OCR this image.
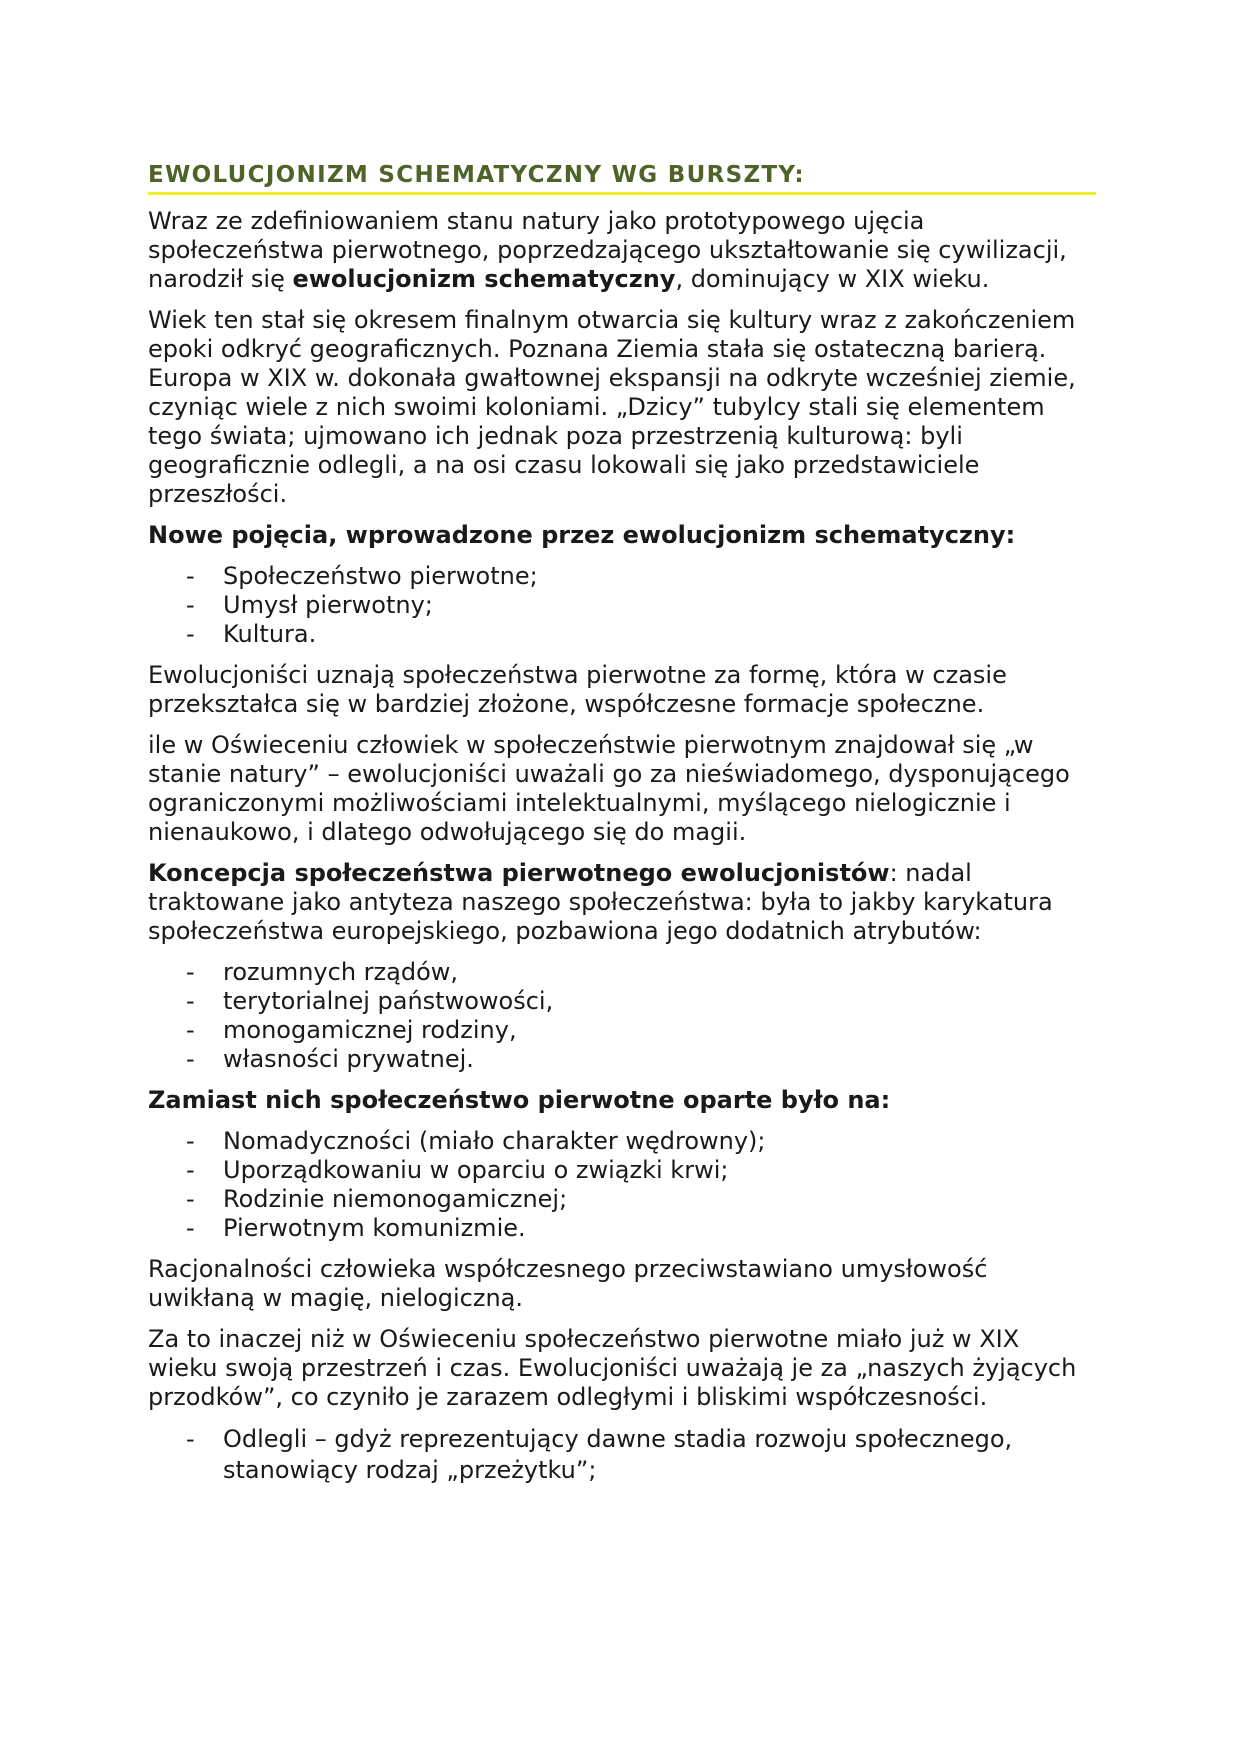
EWOLUCJONIZM SCHEMATYCZNY WG BURSZTY:

Wraz ze zdefiniowaniem stanu natury jako prototypowego ujęcia społeczeństwa pierwotnego, poprzedzającego ukształtowanie się cywilizacji, narodził się ewolucjonizm schematyczny, dominujący w XIX wieku.

Wiek ten stał się okresem finalnym otwarcia się kultury wraz z zakończeniem epoki odkryć geograficznych. Poznana Ziemia stała się ostateczną barierą. Europa w XIX w. dokonała gwałtownej ekspansji na odkryte wcześniej ziemie, czyniąc wiele z nich swoimi koloniami. „Dzicy” tubylcy stali się elementem tego świata; ujmowano ich jednak poza przestrzenią kulturową: byli geograficznie odlegli, a na osi czasu lokowali się jako przedstawiciele przeszłości.

Nowe pojęcia, wprowadzone przez ewolucjonizm schematyczny:
- Społeczeństwo pierwotne;
- Umysł pierwotny;
- Kultura.

Ewolucjoniści uznają społeczeństwa pierwotne za formę, która w czasie przekształca się w bardziej złożone, współczesne formacje społeczne.

ile w Oświeceniu człowiek w społeczeństwie pierwotnym znajdował się „w stanie natury” – ewolucjoniści uważali go za nieświadomego, dysponującego ograniczonymi możliwościami intelektualnymi, myślącego nielogicznie i nienaukowo, i dlatego odwołującego się do magii.

Koncepcja społeczeństwa pierwotnego ewolucjonistów: nadal traktowane jako antyteza naszego społeczeństwa: była to jakby karykatura społeczeństwa europejskiego, pozbawiona jego dodatnich atrybutów:

- rozumnych rządów,
- terytorialnej państwowości,
- monogamicznej rodziny,
- własności prywatnej.
Zamiast nich społeczeństwo pierwotne oparte było na:
- Nomadyczności (miało charakter wędrowny);
- Uporządkowaniu w oparciu o związki krwi;
- Rodzinie niemonogamicznej;
- Pierwotnym komunizmie.

Racjonalności człowieka współczesnego przeciwstawiano umysłowość uwikłaną w magię, nielogiczną.

Za to inaczej niż w Oświeceniu społeczeństwo pierwotne miało już w XIX wieku swoją przestrzeń i czas. Ewolucjoniści uważają je za „naszych żyjących przodków”, co czyniło je zarazem odległymi i bliskimi współczesności.

- Odlegli – gdyż reprezentujący dawne stadia rozwoju społecznego, stanowiący rodzaj „przeżytku”;
